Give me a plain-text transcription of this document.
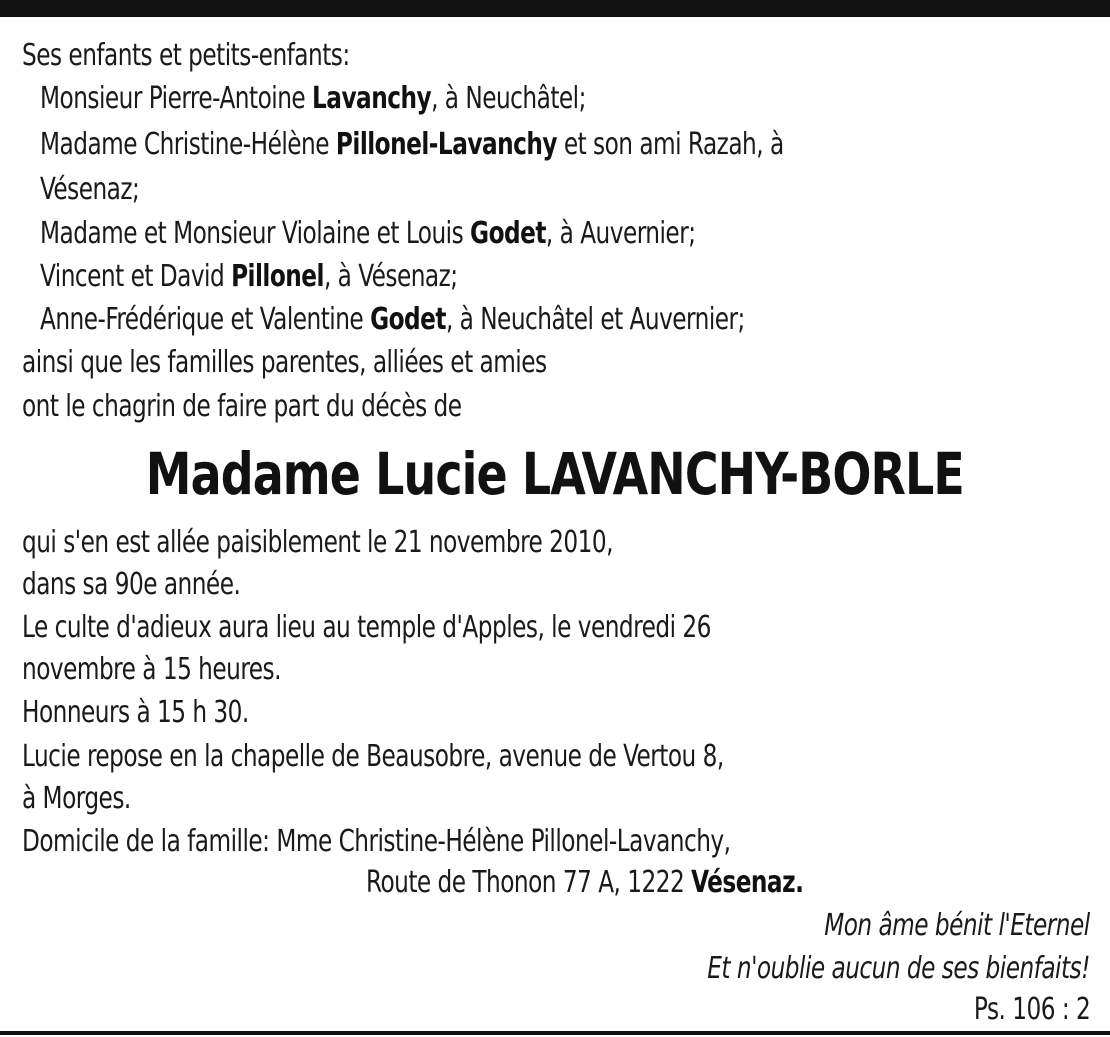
Ses enfants et petits-enfants:
Monsieur Pierre-Antoine Lavanchy, à Neuchâtel;
Madame Christine-Hélène Pillonel-Lavanchy et son ami Razah, à
Vésenaz;
Madame et Monsieur Violaine et Louis Godet, à Auvernier;
Vincent et David Pillonel, à Vésenaz;
Anne-Frédérique et Valentine Godet, à Neuchâtel et Auvernier;
ainsi que les familles parentes, alliées et amies
ont le chagrin de faire part du décès de
Madame Lucie LAVANCHY-BORLE
qui s'en est allée paisiblement le 21 novembre 2010,
dans sa 90e année.
Le culte d'adieux aura lieu au temple d'Apples, le vendredi 26
novembre à 15 heures.
Honneurs à 15 h 30.
Lucie repose en la chapelle de Beausobre, avenue de Vertou 8,
à Morges.
Domicile de la famille: Mme Christine-Hélène Pillonel-Lavanchy,
Route de Thonon 77 A, 1222 Vésenaz.
Mon âme bénit l'Eternel
Et n'oublie aucun de ses bienfaits!
Ps. 106 : 2
